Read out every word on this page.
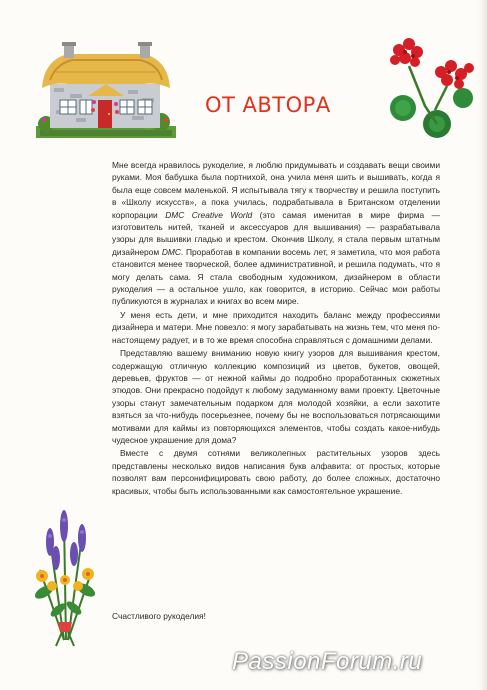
ОТ АВТОРА

Мне всегда нравилось рукоделие, я люблю придумывать и создавать вещи своими руками. Моя бабушка была портнихой, она учила меня шить и вышивать, когда я была еще совсем маленькой. Я испытывала тягу к творчеству и решила поступить в «Школу искусств», а пока училась, подрабатывала в Британском отделении корпорации DMC Creative World (это самая именитая в мире фирма — изготовитель нитей, тканей и аксессуаров для вышивания) — разрабатывала узоры для вышивки гладью и крестом. Окончив Школу, я стала первым штатным дизайнером DMC. Проработав в компании восемь лет, я заметила, что моя работа становится менее творческой, более административной, и решила подумать, что я могу делать сама. Я стала свободным художником, дизайнером в области рукоделия — а остальное ушло, как говорится, в историю. Сейчас мои работы публикуются в журналах и книгах во всем мире.

У меня есть дети, и мне приходится находить баланс между профессиями дизайнера и матери. Мне повезло: я могу зарабатывать на жизнь тем, что меня по-настоящему радует, и в то же время способна справляться с домашними делами.

Представляю вашему вниманию новую книгу узоров для вышивания крестом, содержащую отличную коллекцию композиций из цветов, букетов, овощей, деревьев, фруктов — от нежной каймы до подробно проработанных сюжетных этюдов. Они прекрасно подойдут к любому задуманному вами проекту. Цветочные узоры станут замечательным подарком для молодой хозяйки, а если захотите взяться за что-нибудь посерьезнее, почему бы не воспользоваться потрясающими мотивами для каймы из повторяющихся элементов, чтобы создать какое-нибудь чудесное украшение для дома?

Вместе с двумя сотнями великолепных растительных узоров здесь представлены несколько видов написания букв алфавита: от простых, которые позволят вам персонифицировать свою работу, до более сложных, достаточно красивых, чтобы быть использованными как самостоятельное украшение.

Счастливого рукоделия!
PassionForum.ru
